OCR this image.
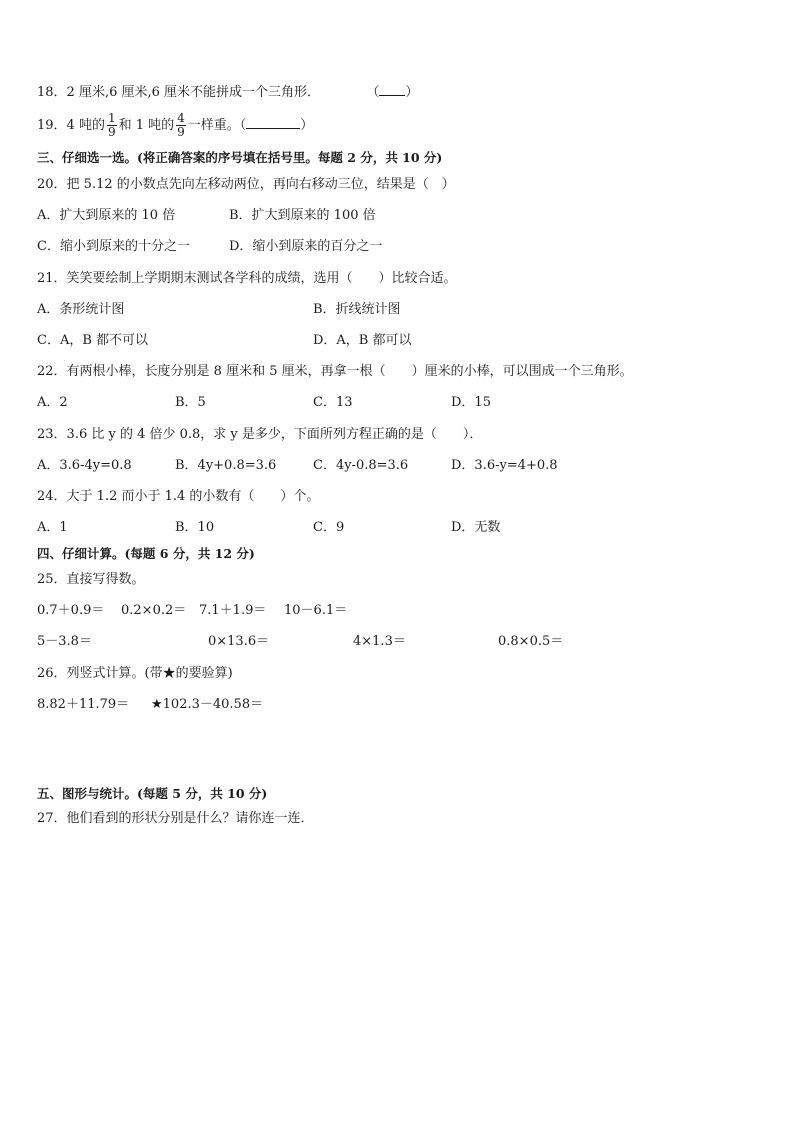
18．2 厘米,6 厘米,6 厘米不能拼成一个三角形．	（ ）
19．4 吨的 $\frac{1}{9}$ 和 1 吨的 $\frac{4}{9}$ 一样重。（	）
三、仔细选一选。(将正确答案的序号填在括号里。每题 2 分，共 10 分)
20．把 5.12 的小数点先向左移动两位，再向右移动三位，结果是（　）
A．扩大到原来的 10 倍	B．扩大到原来的 100 倍
C．缩小到原来的十分之一	D．缩小到原来的百分之一
21．笑笑要绘制上学期期末测试各学科的成绩，选用（　　）比较合适。
A．条形统计图	B．折线统计图
C．A，B 都不可以	D．A，B 都可以
22．有两根小棒，长度分别是 8 厘米和 5 厘米，再拿一根（　　）厘米的小棒，可以围成一个三角形。
A．2	B．5	C．13	D．15
23．3.6 比 y 的 4 倍少 0.8，求 y 是多少，下面所列方程正确的是（　　）．
A．3.6-4y=0.8	B．4y+0.8=3.6	C．4y-0.8=3.6	D．3.6-y=4+0.8
24．大于 1.2 而小于 1.4 的小数有（　　）个。
A．1	B．10	C．9	D．无数
四、仔细计算。(每题 6 分，共 12 分)
25．直接写得数。
0.7＋0.9＝ 0.2×0.2＝ 7.1＋1.9＝ 10－6.1＝
5－3.8＝	0×13.6＝	4×1.3＝	0.8×0.5＝
26．列竖式计算。(带★的要验算)
8.82＋11.79＝ ★102.3－40.58＝
五、图形与统计。(每题 5 分，共 10 分)
27．他们看到的形状分别是什么？请你连一连．
